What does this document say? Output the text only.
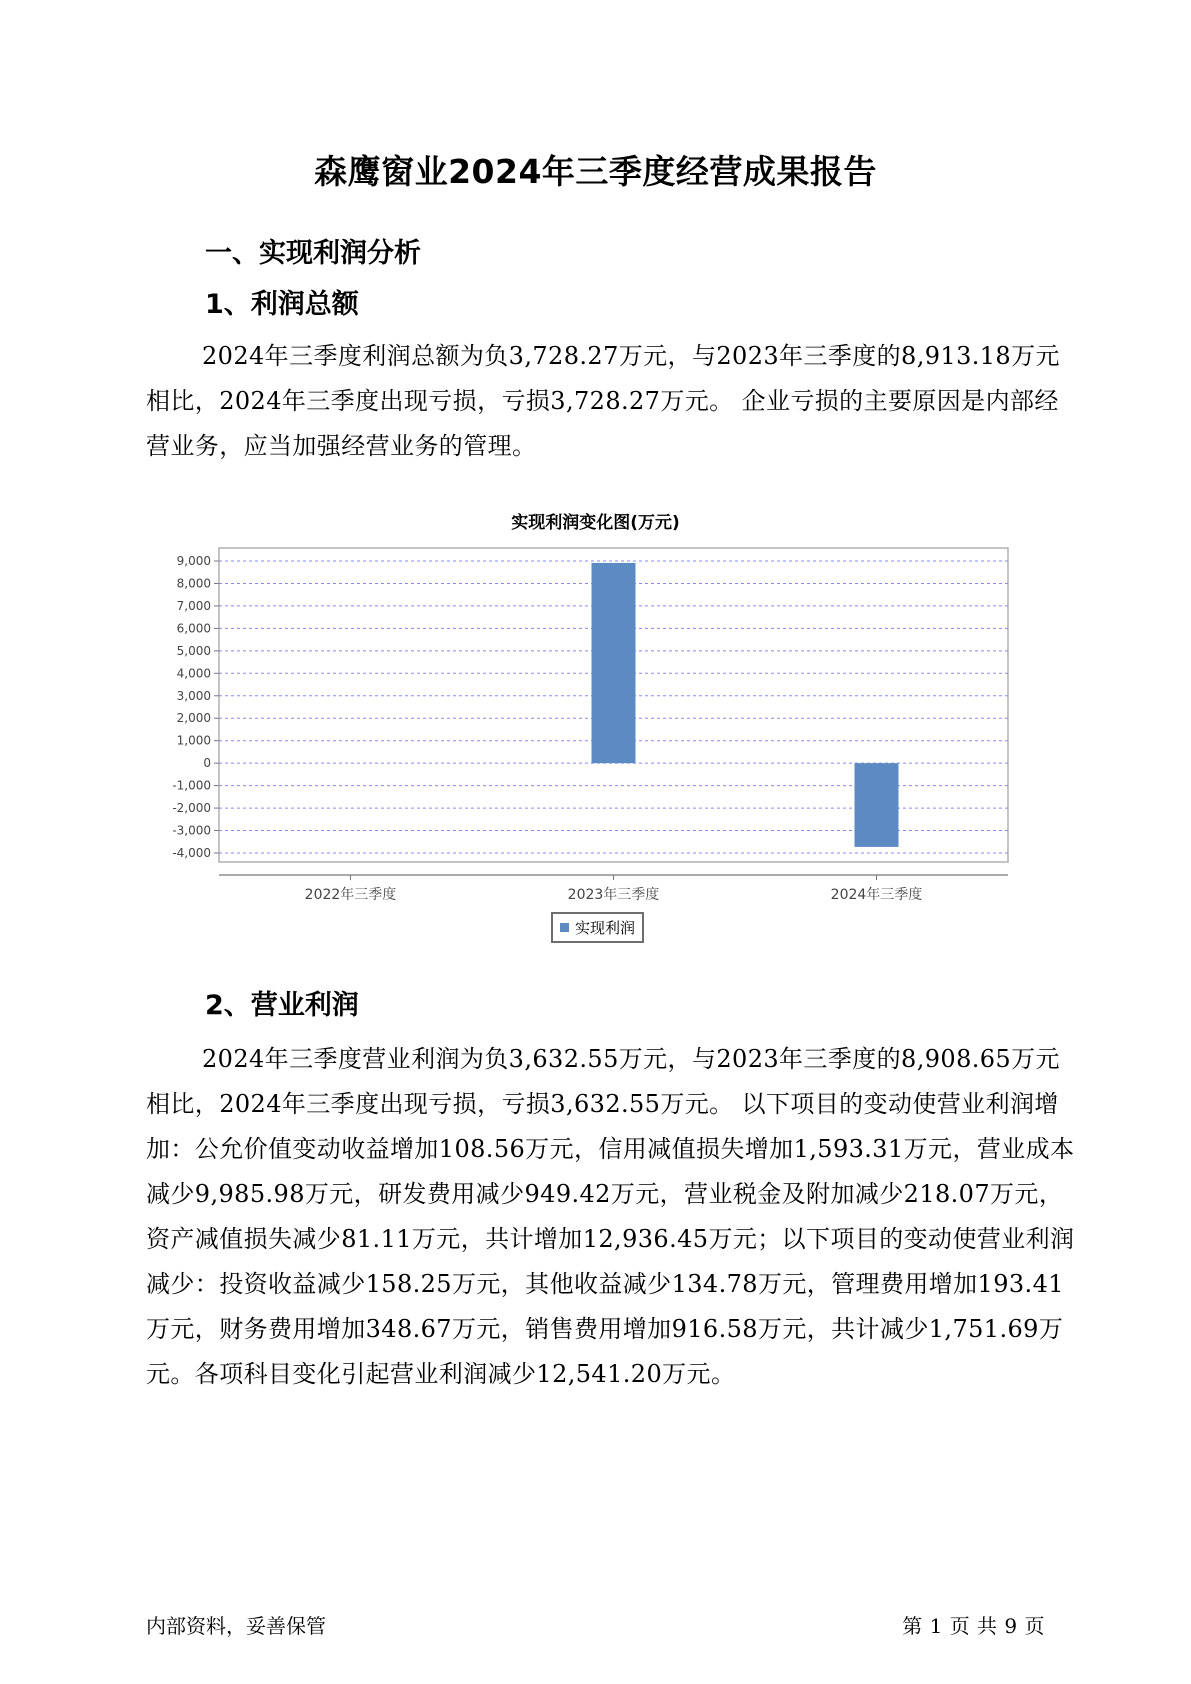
森鹰窗业2024年三季度经营成果报告
一、实现利润分析
1、利润总额
2024年三季度利润总额为负3,728.27万元，与2023年三季度的8,913.18万元相比，2024年三季度出现亏损，亏损3,728.27万元。 企业亏损的主要原因是内部经营业务，应当加强经营业务的管理。
实现利润变化图(万元)
9,000
8,000
7,000
6,000
5,000
4,000
3,000
2,000
1,000
0
-1,000
-2,000
-3,000
-4,000
2022年三季度	2023年三季度	2024年三季度
实现利润
2、营业利润
2024年三季度营业利润为负3,632.55万元，与2023年三季度的8,908.65万元相比，2024年三季度出现亏损，亏损3,632.55万元。 以下项目的变动使营业利润增加：公允价值变动收益增加108.56万元，信用减值损失增加1,593.31万元，营业成本减少9,985.98万元，研发费用减少949.42万元，营业税金及附加减少218.07万元，资产减值损失减少81.11万元，共计增加12,936.45万元；以下项目的变动使营业利润减少：投资收益减少158.25万元，其他收益减少134.78万元，管理费用增加193.41万元，财务费用增加348.67万元，销售费用增加916.58万元，共计减少1,751.69万元。各项科目变化引起营业利润减少12,541.20万元。
内部资料，妥善保管	第 1 页 共 9 页
